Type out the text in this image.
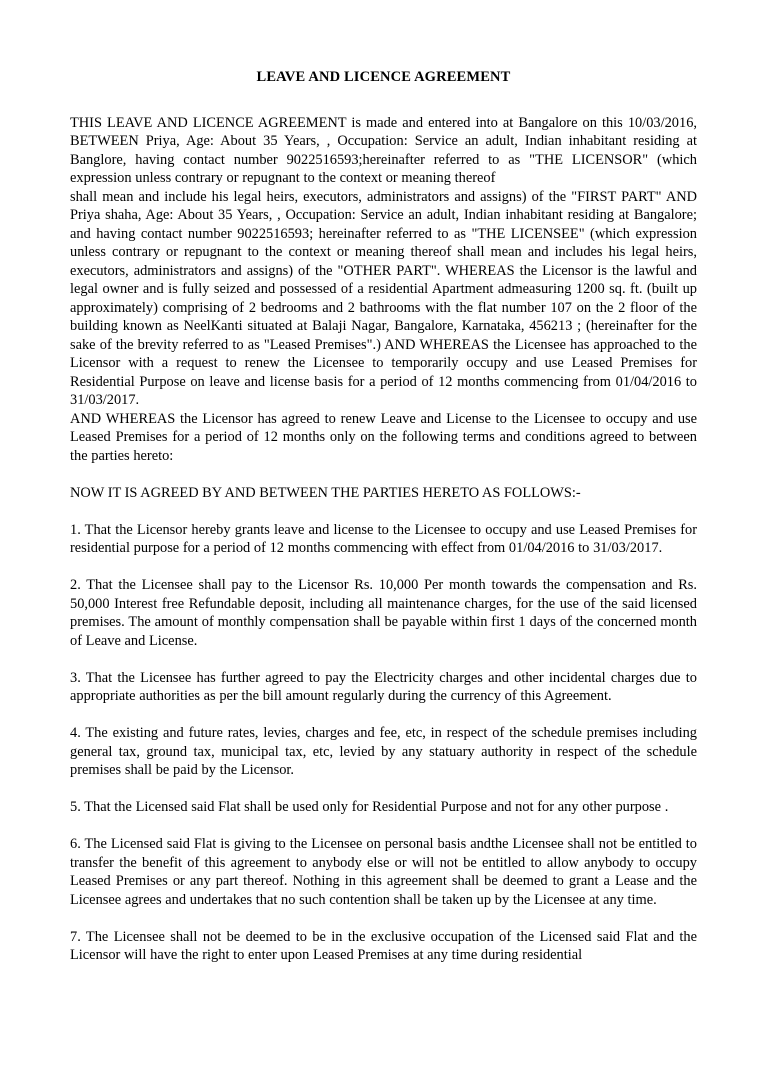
LEAVE AND LICENCE AGREEMENT
THIS LEAVE AND LICENCE AGREEMENT is made and entered into at Bangalore on this 10/03/2016, BETWEEN Priya, Age: About 35 Years, , Occupation: Service an adult, Indian inhabitant residing at Banglore, having contact number 9022516593;hereinafter referred to as "THE LICENSOR" (which expression unless contrary or repugnant to the context or meaning thereof
shall mean and include his legal heirs, executors, administrators and assigns) of the "FIRST PART" AND Priya shaha, Age: About 35 Years, , Occupation: Service an adult, Indian inhabitant residing at Bangalore; and having contact number 9022516593; hereinafter referred to as "THE LICENSEE" (which expression unless contrary or repugnant to the context or meaning thereof shall mean and includes his legal heirs, executors, administrators and assigns) of the "OTHER PART". WHEREAS the Licensor is the lawful and legal owner and is fully seized and possessed of a residential Apartment admeasuring 1200 sq. ft. (built up approximately) comprising of 2 bedrooms and 2 bathrooms with the flat number 107 on the 2 floor of the building known as NeelKanti situated at Balaji Nagar, Bangalore, Karnataka, 456213 ; (hereinafter for the sake of the brevity referred to as "Leased Premises".) AND WHEREAS the Licensee has approached to the Licensor with a request to renew the Licensee to temporarily occupy and use Leased Premises for Residential Purpose on leave and license basis for a period of 12 months commencing from 01/04/2016 to 31/03/2017.
AND WHEREAS the Licensor has agreed to renew Leave and License to the Licensee to occupy and use Leased Premises for a period of 12 months only on the following terms and conditions agreed to between the parties hereto:
NOW IT IS AGREED BY AND BETWEEN THE PARTIES HERETO AS FOLLOWS:-
1. That the Licensor hereby grants leave and license to the Licensee to occupy and use Leased Premises for residential purpose for a period of 12 months commencing with effect from 01/04/2016 to 31/03/2017.
2. That the Licensee shall pay to the Licensor Rs. 10,000 Per month towards the compensation and Rs. 50,000 Interest free Refundable deposit, including all maintenance charges, for the use of the said licensed premises. The amount of monthly compensation shall be payable within first 1 days of the concerned month of Leave and License.
3. That the Licensee has further agreed to pay the Electricity charges and other incidental charges due to appropriate authorities as per the bill amount regularly during the currency of this Agreement.
4. The existing and future rates, levies, charges and fee, etc, in respect of the schedule premises including general tax, ground tax, municipal tax, etc, levied by any statuary authority in respect of the schedule premises shall be paid by the Licensor.
5. That the Licensed said Flat shall be used only for Residential Purpose and not for any other purpose .
6. The Licensed said Flat is giving to the Licensee on personal basis andthe Licensee shall not be entitled to transfer the benefit of this agreement to anybody else or will not be entitled to allow anybody to occupy Leased Premises or any part thereof. Nothing in this agreement shall be deemed to grant a Lease and the Licensee agrees and undertakes that no such contention shall be taken up by the Licensee at any time.
7. The Licensee shall not be deemed to be in the exclusive occupation of the Licensed said Flat and the Licensor will have the right to enter upon Leased Premises at any time during residential
